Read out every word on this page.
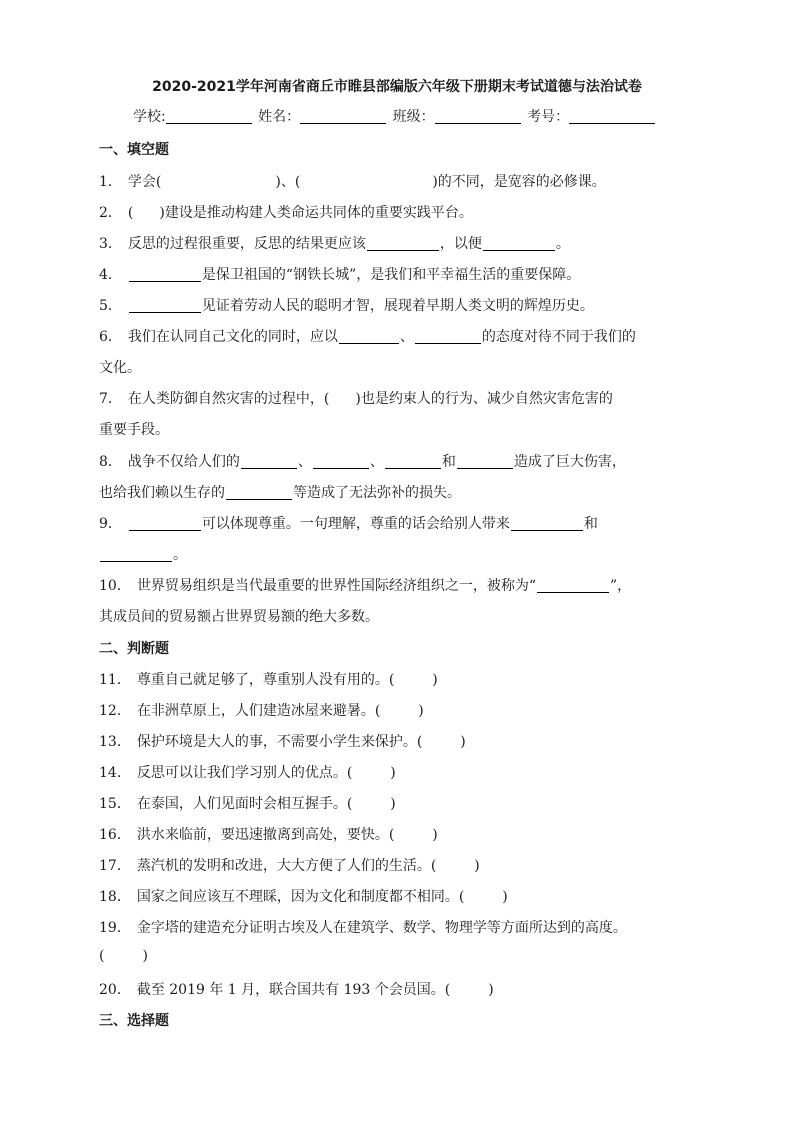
2020-2021学年河南省商丘市睢县部编版六年级下册期末考试道德与法治试卷
学校:	姓名：	班级：	考号：
一、填空题
1． 学会(	)、(	)的不同，是宽容的必修课。
2． ( )建设是推动构建人类命运共同体的重要实践平台。
3． 反思的过程很重要，反思的结果更应该	，以便	。
4．	是保卫祖国的“钢铁长城”，是我们和平幸福生活的重要保障。
5．	见证着劳动人民的聪明才智，展现着早期人类文明的辉煌历史。
6． 我们在认同自己文化的同时，应以	、	的态度对待不同于我们的
文化。
7． 在人类防御自然灾害的过程中，( )也是约束人的行为、减少自然灾害危害的
重要手段。
8． 战争不仅给人们的	、	、	和	造成了巨大伤害，
也给我们赖以生存的	等造成了无法弥补的损失。
9．	可以体现尊重。一句理解，尊重的话会给别人带来	和
。
10． 世界贸易组织是当代最重要的世界性国际经济组织之一，被称为“	”，
其成员间的贸易额占世界贸易额的绝大多数。
二、判断题
11． 尊重自己就足够了，尊重别人没有用的。(	)
12． 在非洲草原上，人们建造冰屋来避暑。(	)
13． 保护环境是大人的事，不需要小学生来保护。(	)
14． 反思可以让我们学习别人的优点。(	)
15． 在泰国，人们见面时会相互握手。(	)
16． 洪水来临前，要迅速撤离到高处，要快。(	)
17． 蒸汽机的发明和改进，大大方便了人们的生活。(	)
18． 国家之间应该互不理睬，因为文化和制度都不相同。(	)
19． 金字塔的建造充分证明古埃及人在建筑学、数学、物理学等方面所达到的高度。
(	)
20． 截至 2019 年 1 月，联合国共有 193 个会员国。(	)
三、选择题
